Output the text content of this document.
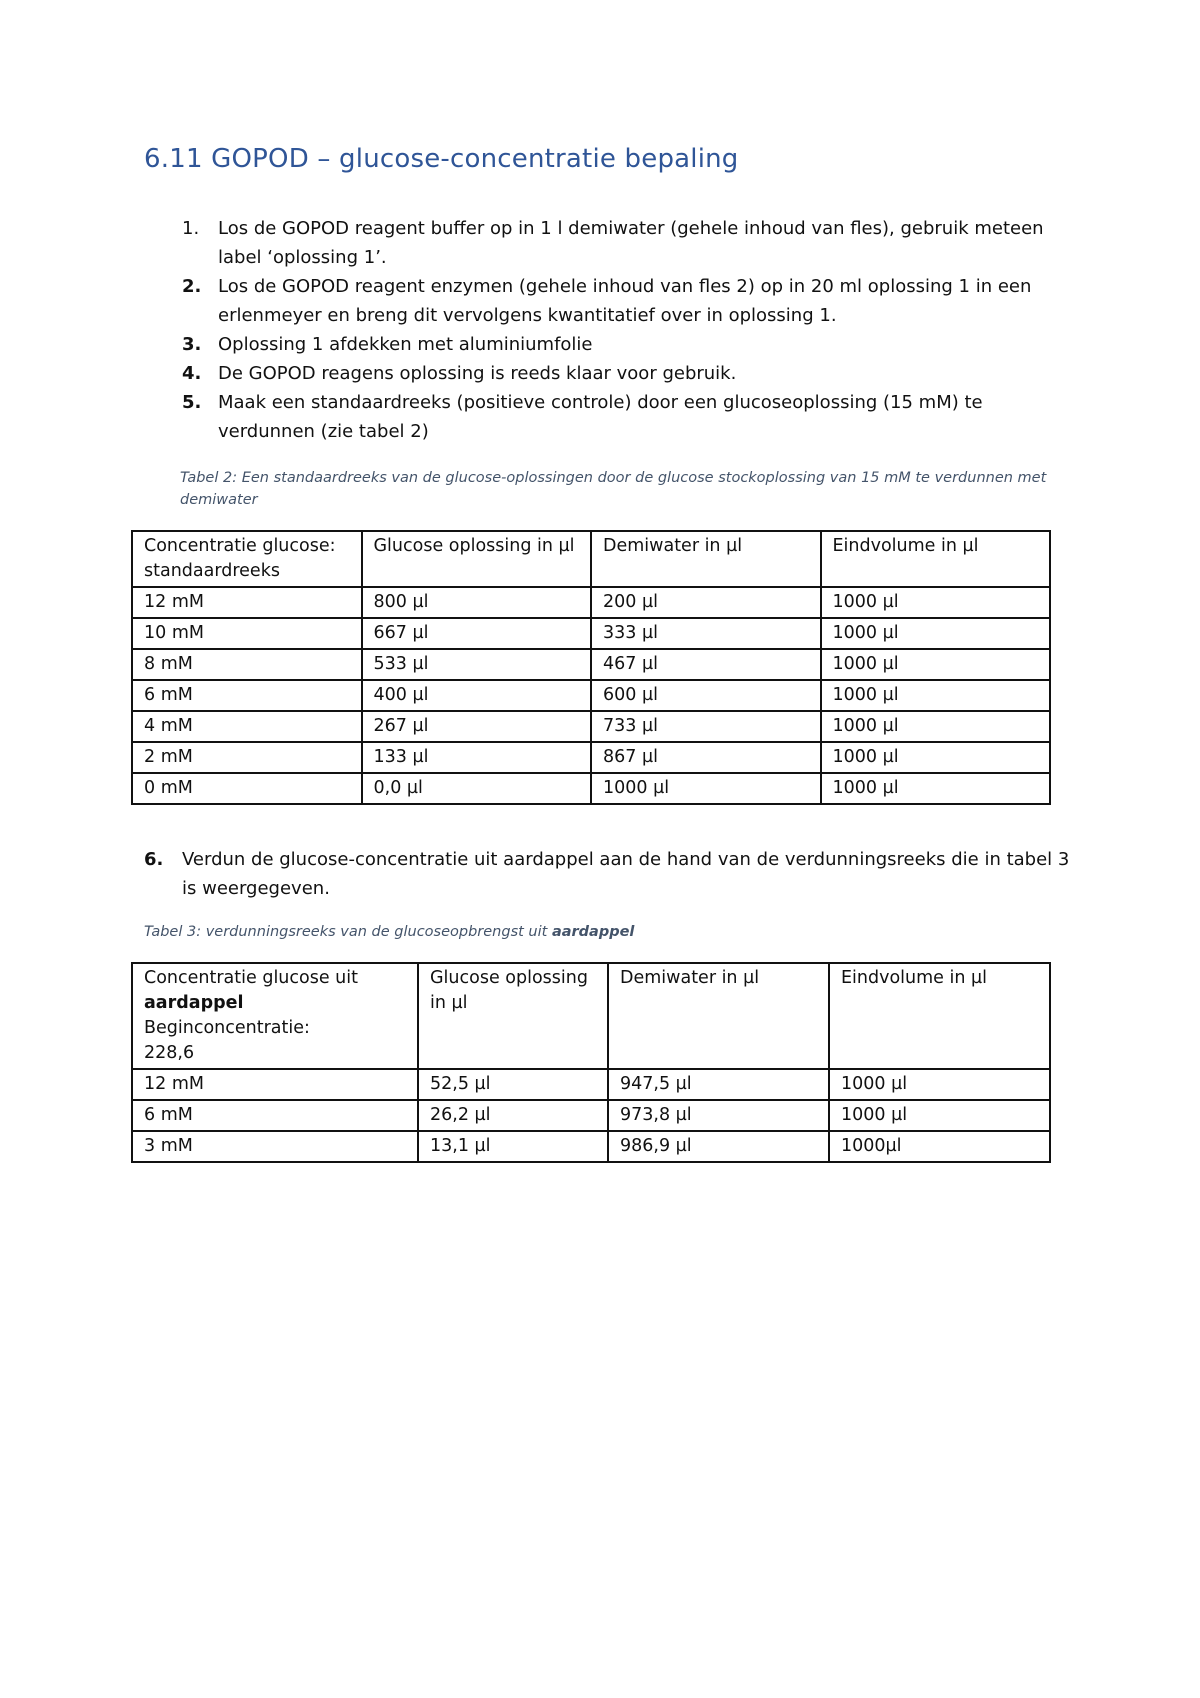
6.11 GOPOD – glucose-concentratie bepaling
1. Los de GOPOD reagent buffer op in 1 l demiwater (gehele inhoud van fles), gebruik meteen label ‘oplossing 1’.
2. Los de GOPOD reagent enzymen (gehele inhoud van fles 2) op in 20 ml oplossing 1 in een erlenmeyer en breng dit vervolgens kwantitatief over in oplossing 1.
3. Oplossing 1 afdekken met aluminiumfolie
4. De GOPOD reagens oplossing is reeds klaar voor gebruik.
5. Maak een standaardreeks (positieve controle) door een glucoseoplossing (15 mM) te verdunnen (zie tabel 2)

Tabel 2: Een standaardreeks van de glucose-oplossingen door de glucose stockoplossing van 15 mM te verdunnen met demiwater

Concentratie glucose: standaardreeks	Glucose oplossing in µl	Demiwater in µl	Eindvolume in µl
12 mM	800 µl	200 µl	1000 µl
10 mM	667 µl	333 µl	1000 µl
8 mM	533 µl	467 µl	1000 µl
6 mM	400 µl	600 µl	1000 µl
4 mM	267 µl	733 µl	1000 µl
2 mM	133 µl	867 µl	1000 µl
0 mM	0,0 µl	1000 µl	1000 µl
6. Verdun de glucose-concentratie uit aardappel aan de hand van de verdunningsreeks die in tabel 3 is weergegeven.

Tabel 3: verdunningsreeks van de glucoseopbrengst uit aardappel

Concentratie glucose uit
aardappel
Beginconcentratie:
228,6	Glucose oplossing in µl	Demiwater in µl	Eindvolume in µl
12 mM	52,5 µl	947,5 µl	1000 µl
6 mM	26,2 µl	973,8 µl	1000 µl
3 mM	13,1 µl	986,9 µl	1000µl
